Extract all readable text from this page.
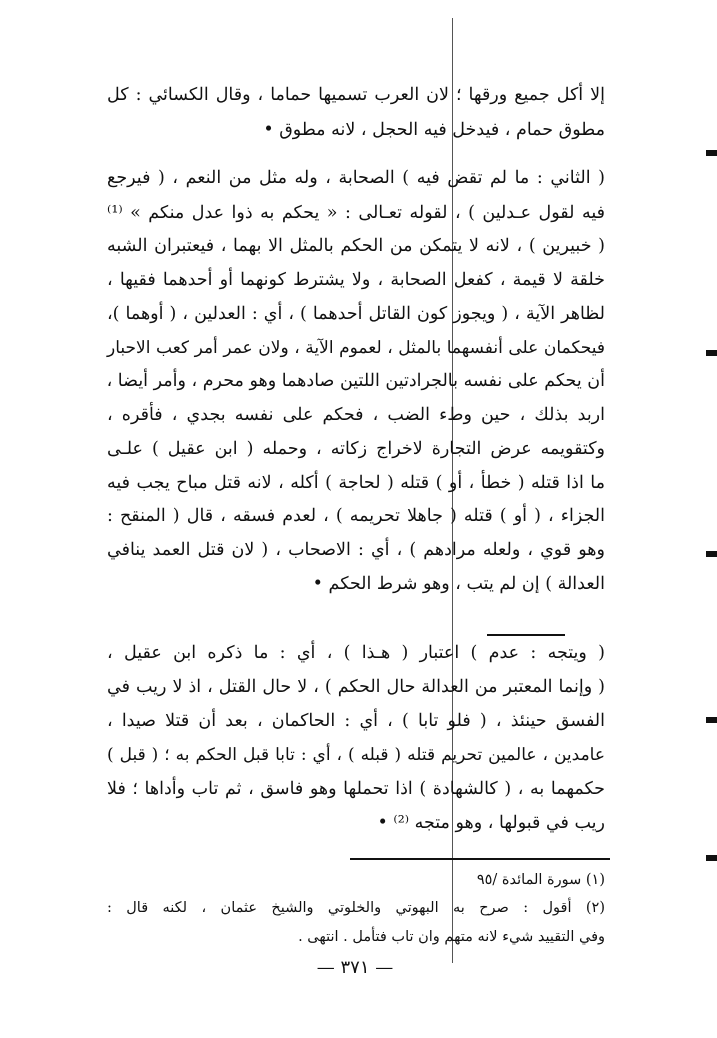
إلا أكل جميع ورقها ؛ لان العرب تسميها حماما ، وقال الكسائي : كل
مطوق حمام ، فيدخل فيه الحجل ، لانه مطوق •
( الثاني : ما لم تقض فيه ) الصحابة ، وله مثل من النعم ، ( فيرجع
فيه لقول عـدلين ) ، لقوله تعـالى : « يحكم به ذوا عدل منكم » ⁽¹⁾
( خبيرين ) ، لانه لا يتمكن من الحكم بالمثل الا بهما ، فيعتبران الشبه
خلقة لا قيمة ، كفعل الصحابة ، ولا يشترط كونهما أو أحدهما فقيها ،
لظاهر الآية ، ( ويجوز كون القاتل أحدهما ) ، أي : العدلين ، ( أوهما )،
فيحكمان على أنفسهما بالمثل ، لعموم الآية ، ولان عمر أمر كعب الاحبار
أن يحكم على نفسه بالجرادتين اللتين صادهما وهو محرم ، وأمر أيضا ،
اربد بذلك ، حين وطء الضب ، فحكم على نفسه بجدي ، فأقره ،
وكتقويمه عرض التجارة لاخراج زكاته ، وحمله ( ابن عقيل ) علـى
ما اذا قتله ( خطأ ، أو ) قتله ( لحاجة ) أكله ، لانه قتل مباح يجب فيه
الجزاء ، ( أو ) قتله ( جاهلا تحريمه ) ، لعدم فسقه ، قال ( المنقح :
وهو قوي ، ولعله مرادهم ) ، أي : الاصحاب ، ( لان قتل العمد ينافي
العدالة ) إن لم يتب ، وهو شرط الحكم •
( ويتجه : عدم ) اعتبار ( هـذا ) ، أي : ما ذكره ابن عقيل ،
( وإنما المعتبر من العدالة حال الحكم ) ، لا حال القتل ، اذ لا ريب في
الفسق حينئذ ، ( فلو تابا ) ، أي : الحاكمان ، بعد أن قتلا صيدا ،
عامدين ، عالمين تحريم قتله ( قبله ) ، أي : تابا قبل الحكم به ؛ ( قبل )
حكمهما به ، ( كالشهادة ) اذا تحملها وهو فاسق ، ثم تاب وأداها ؛ فلا
ريب في قبولها ، وهو متجه ⁽²⁾ •
(١) سورة المائدة /٩٥
(٢) أقول : صرح به البهوتي والخلوتي والشيخ عثمان ، لكنه قال :
وفي التقييد شيء لانه متهم وان تاب فتأمل . انتهى .
— ٣٧١ —
